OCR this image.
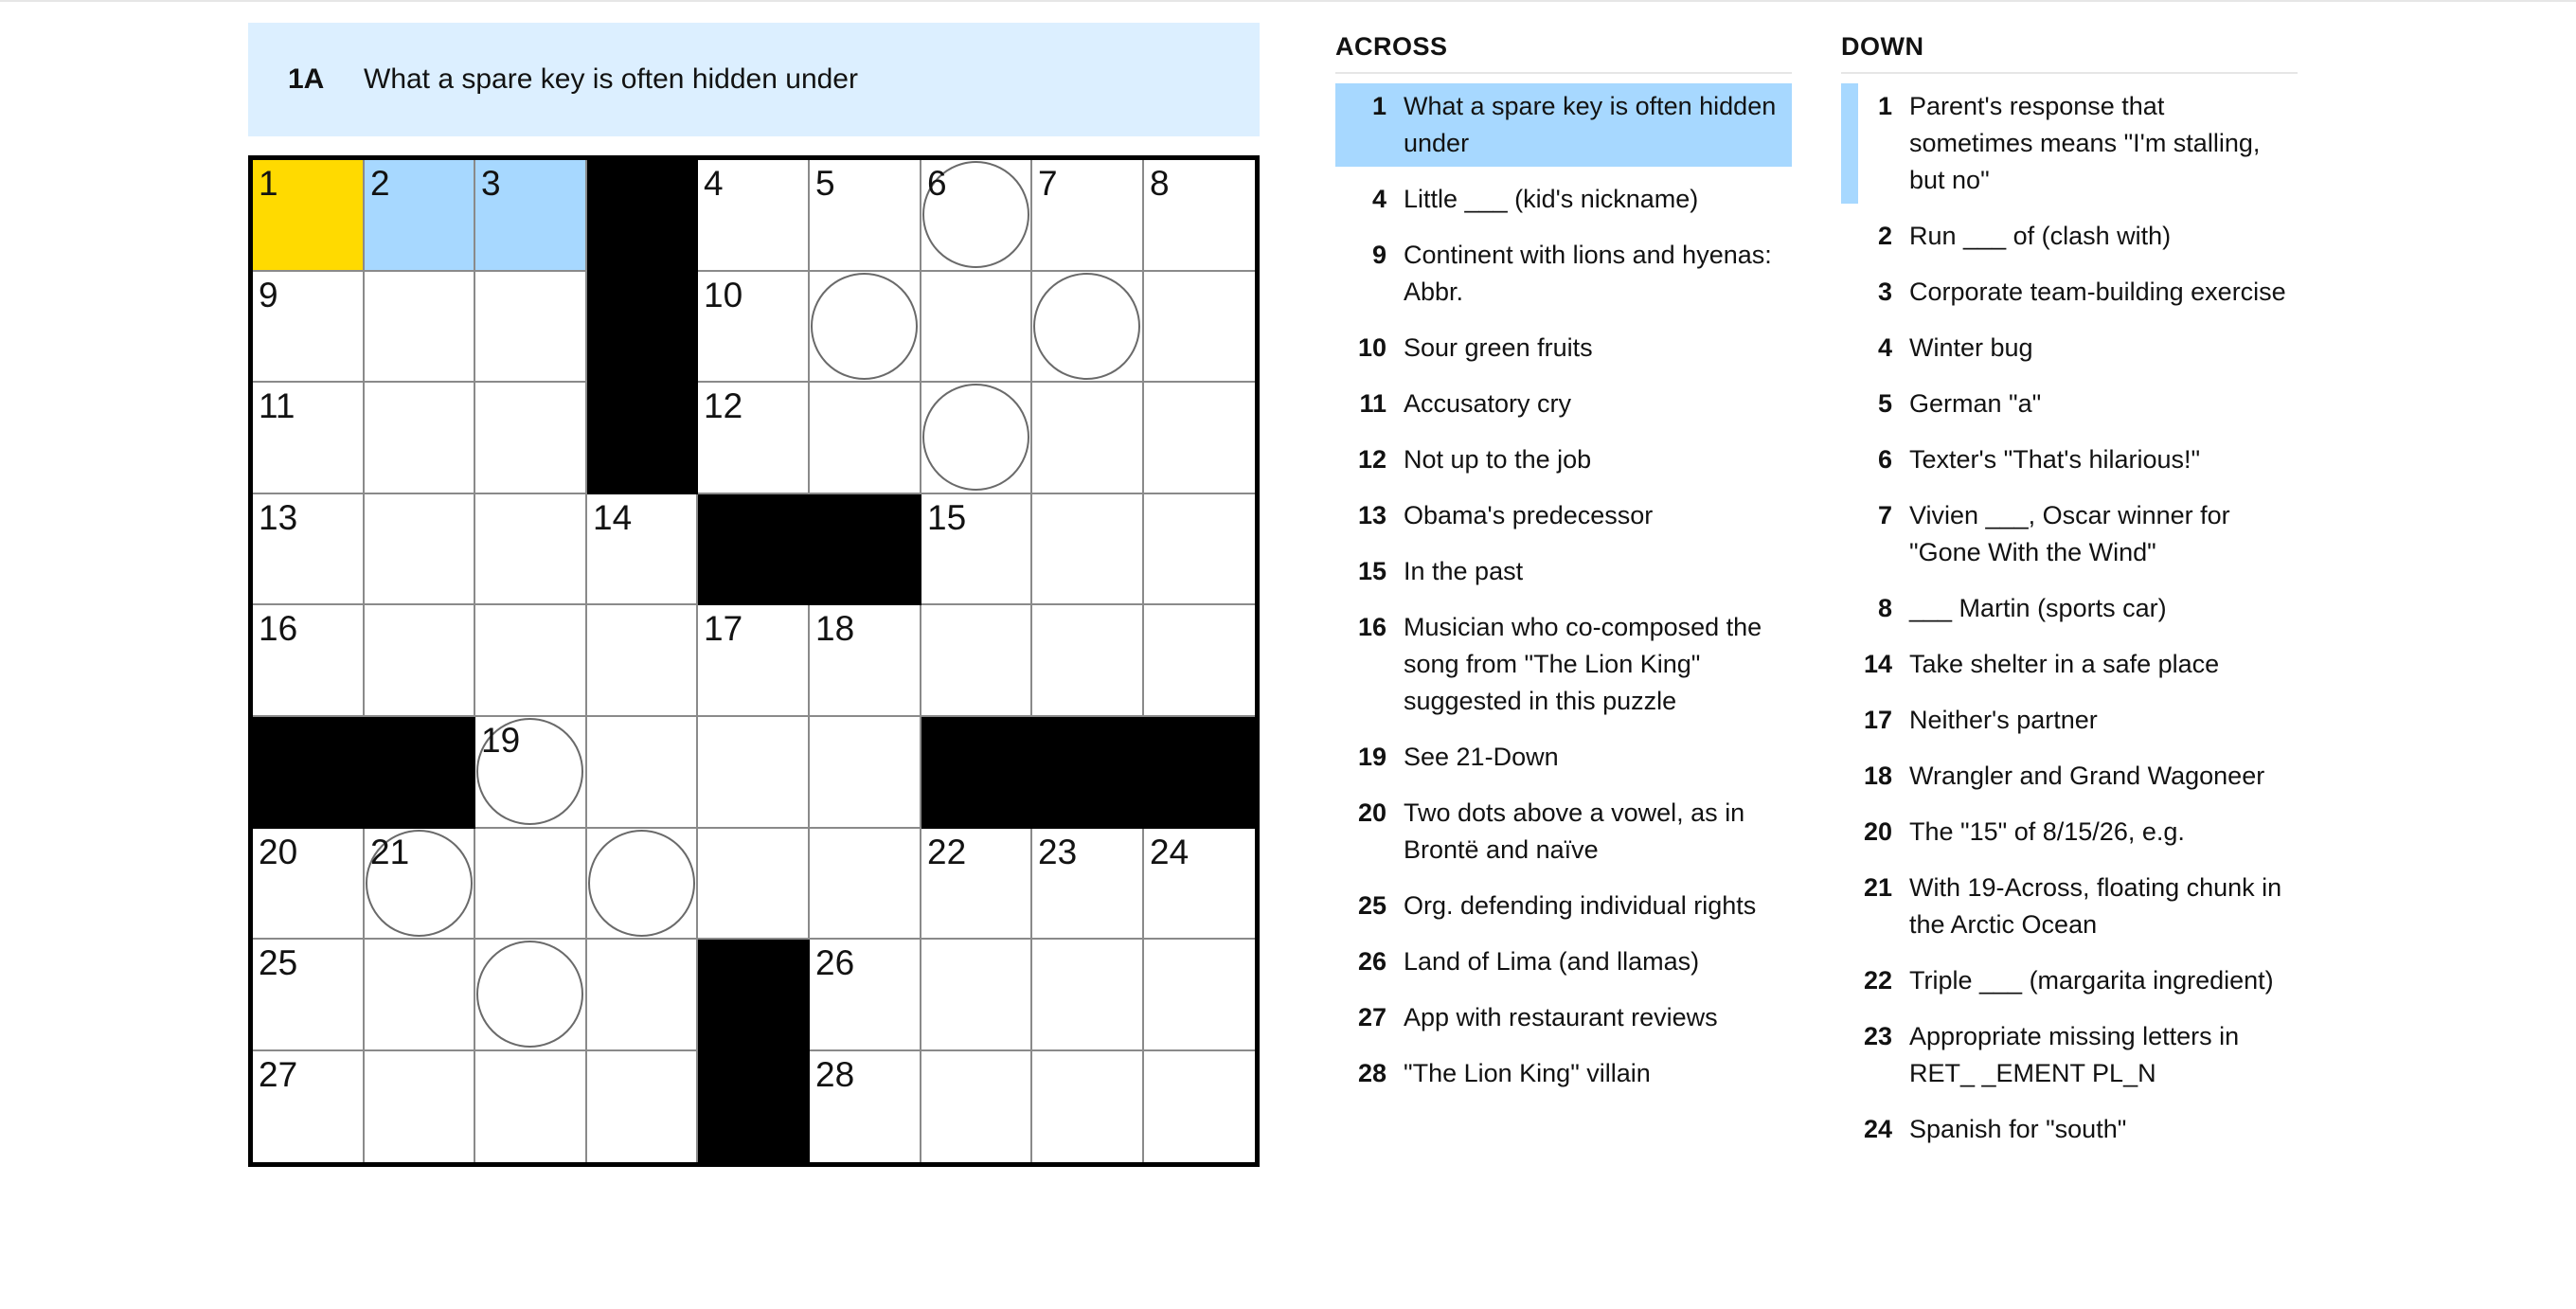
1A	What a spare key is often hidden under
1	2	3	4	5	6	7	8
9	10
11	12
13	14	15
16	17 18
19
20 21	22 23 24
25	26
27	28
ACROSS
1 What a spare key is often hidden under
4 Little ___ (kid's nickname)
9 Continent with lions and hyenas: Abbr.
10 Sour green fruits
11 Accusatory cry
12 Not up to the job
13 Obama's predecessor
15 In the past
16 Musician who co-composed the song from "The Lion King" suggested in this puzzle
19 See 21-Down
20 Two dots above a vowel, as in Brontë and naïve
25 Org. defending individual rights
26 Land of Lima (and llamas)
27 App with restaurant reviews
28 "The Lion King" villain
DOWN
1 Parent's response that sometimes means "I'm stalling, but no"
2 Run ___ of (clash with)
3 Corporate team-building exercise
4 Winter bug
5 German "a"
6 Texter's "That's hilarious!"
7 Vivien ___, Oscar winner for "Gone With the Wind"
8 ___ Martin (sports car)
14 Take shelter in a safe place
17 Neither's partner
18 Wrangler and Grand Wagoneer
20 The "15" of 8/15/26, e.g.
21 With 19-Across, floating chunk in the Arctic Ocean
22 Triple ___ (margarita ingredient)
23 Appropriate missing letters in RET_ _EMENT PL_N
24 Spanish for "south"
